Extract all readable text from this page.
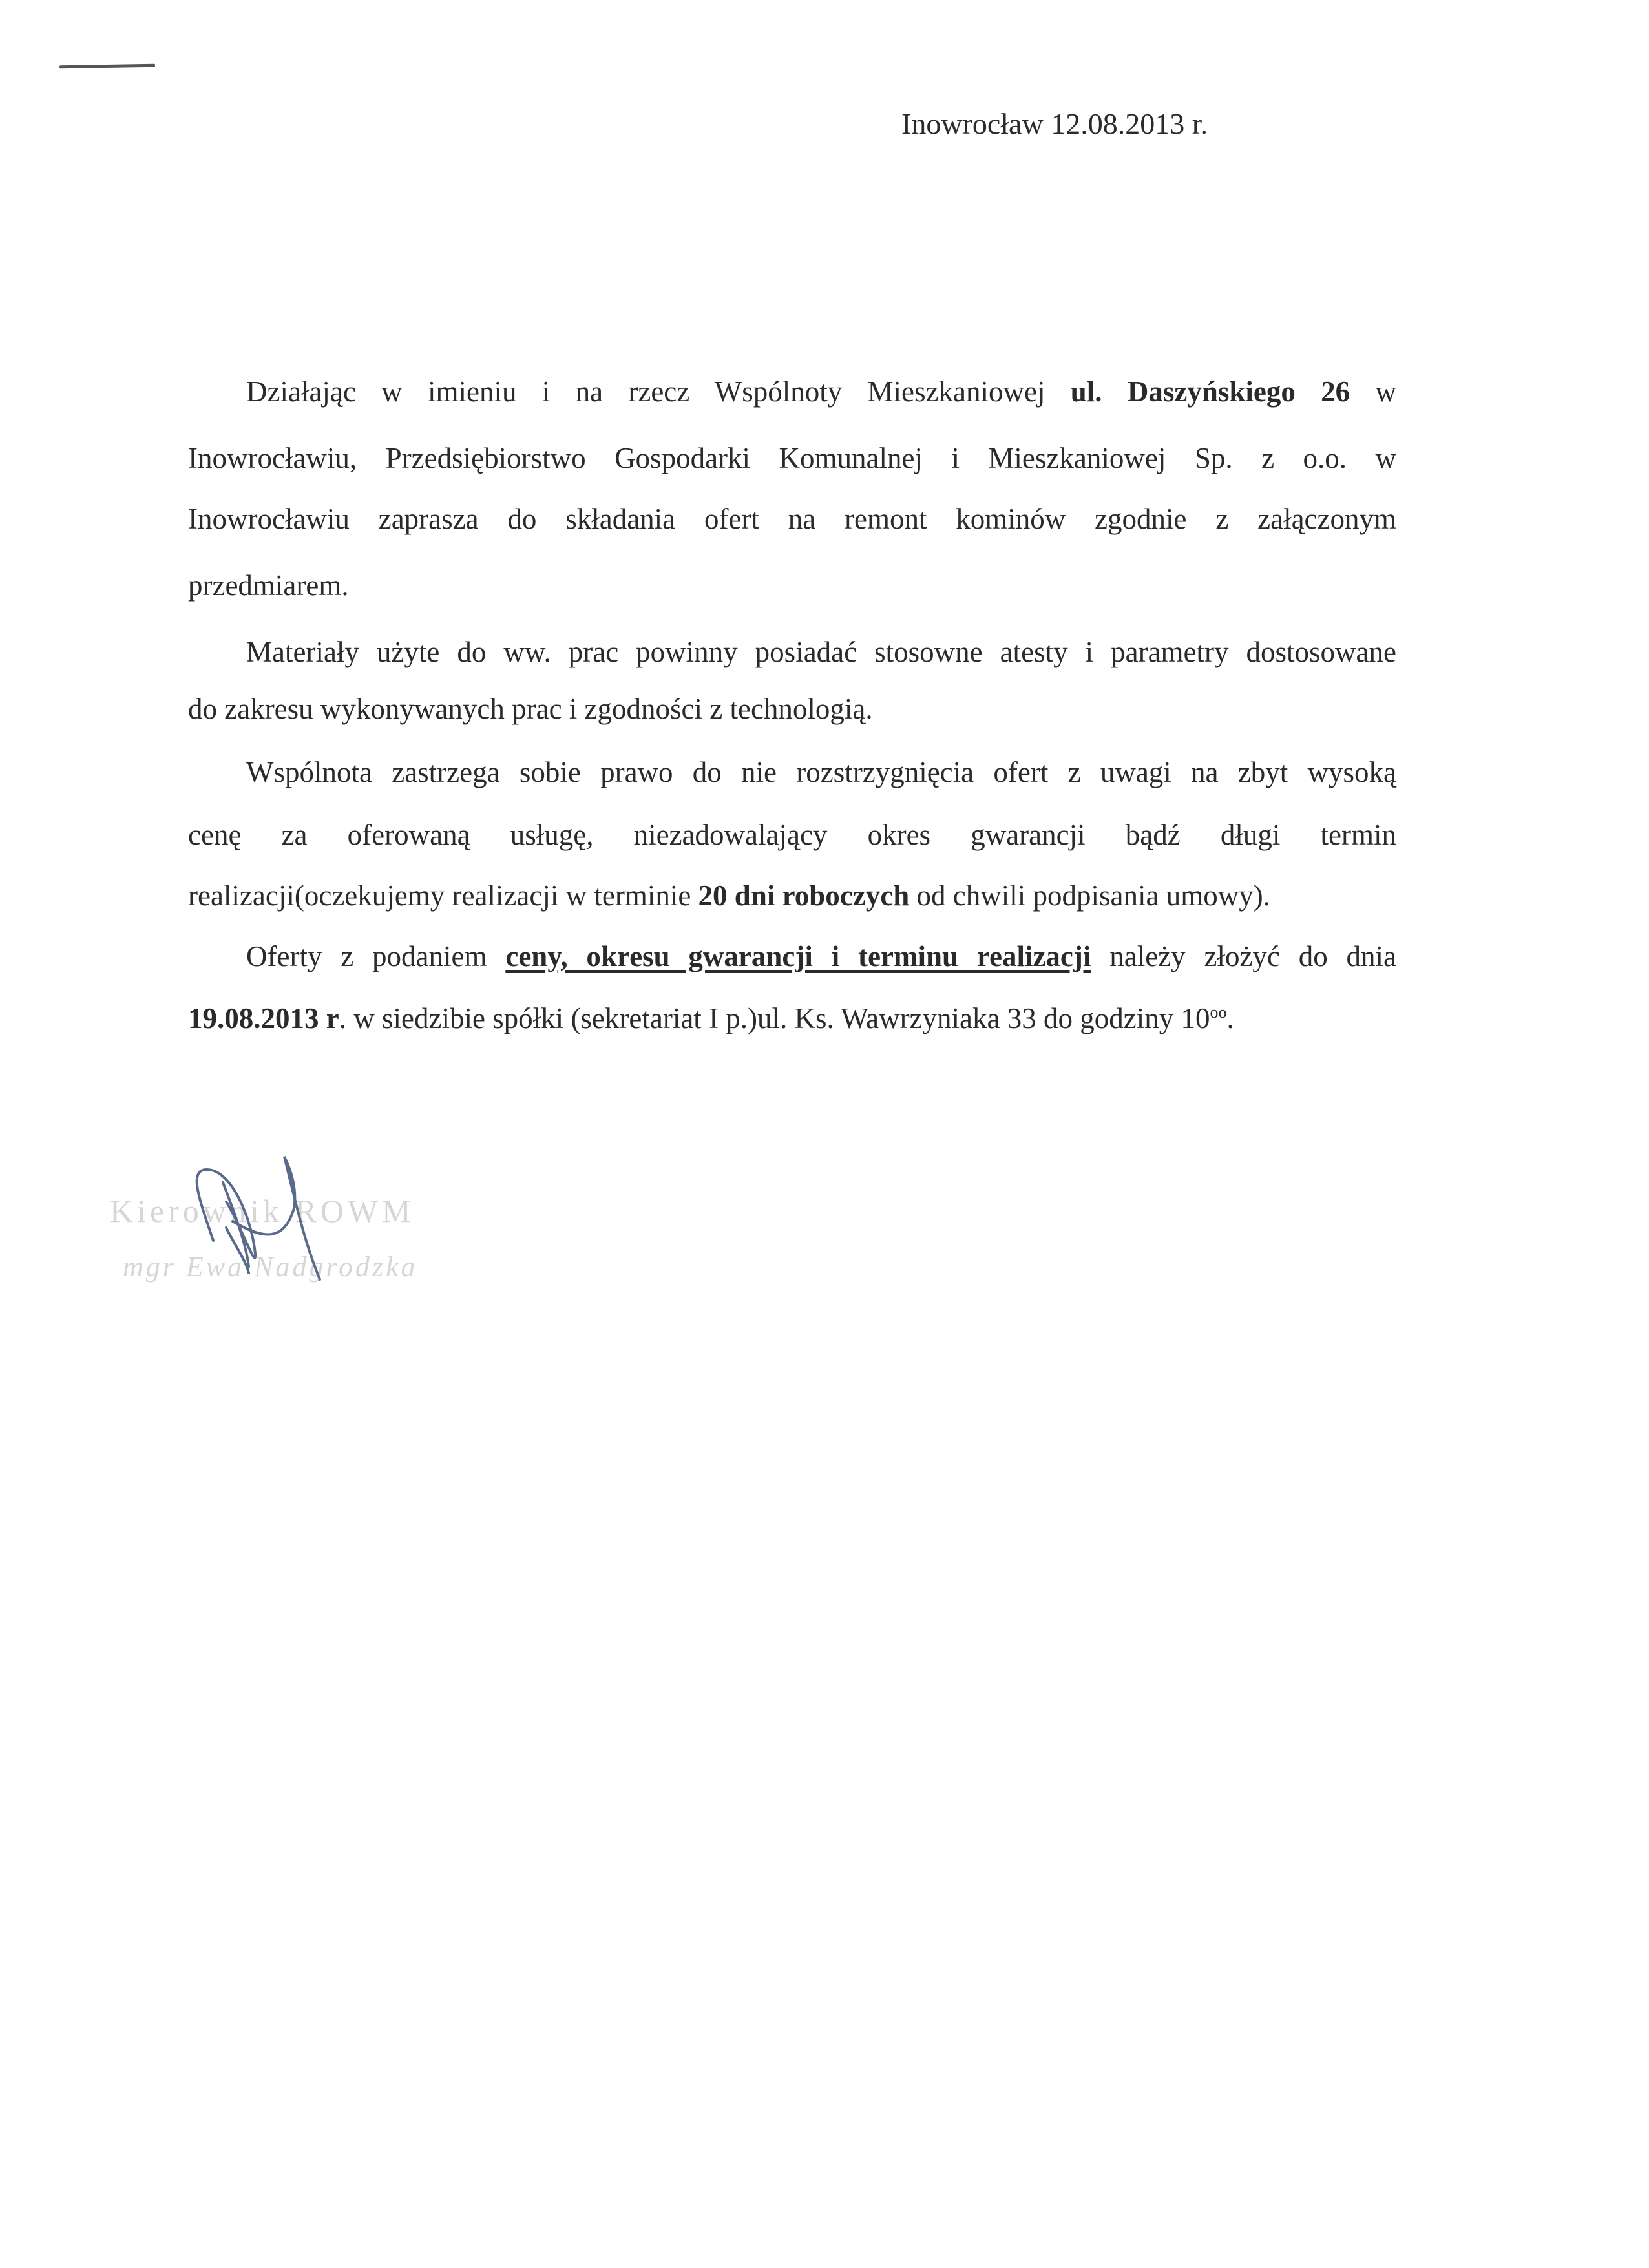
Inowrocław 12.08.2013 r.
Działając w imieniu i na rzecz Wspólnoty Mieszkaniowej ul. Daszyńskiego 26 w
Inowrocławiu, Przedsiębiorstwo Gospodarki Komunalnej i Mieszkaniowej Sp. z o.o. w
Inowrocławiu zaprasza do składania ofert na remont kominów zgodnie z załączonym
przedmiarem.
Materiały użyte do ww. prac powinny posiadać stosowne atesty i parametry dostosowane
do zakresu wykonywanych prac i zgodności z technologią.
Wspólnota zastrzega sobie prawo do nie rozstrzygnięcia ofert z uwagi na zbyt wysoką
cenę za oferowaną usługę, niezadowalający okres gwarancji bądź długi termin
realizacji(oczekujemy realizacji w terminie 20 dni roboczych od chwili podpisania umowy).
Oferty z podaniem ceny, okresu gwarancji i terminu realizacji należy złożyć do dnia
19.08.2013 r. w siedzibie spółki (sekretariat I p.)ul. Ks. Wawrzyniaka 33 do godziny $10^{oo}$.
Kierownik ROWM
mgr Ewa Nadgrodzka
